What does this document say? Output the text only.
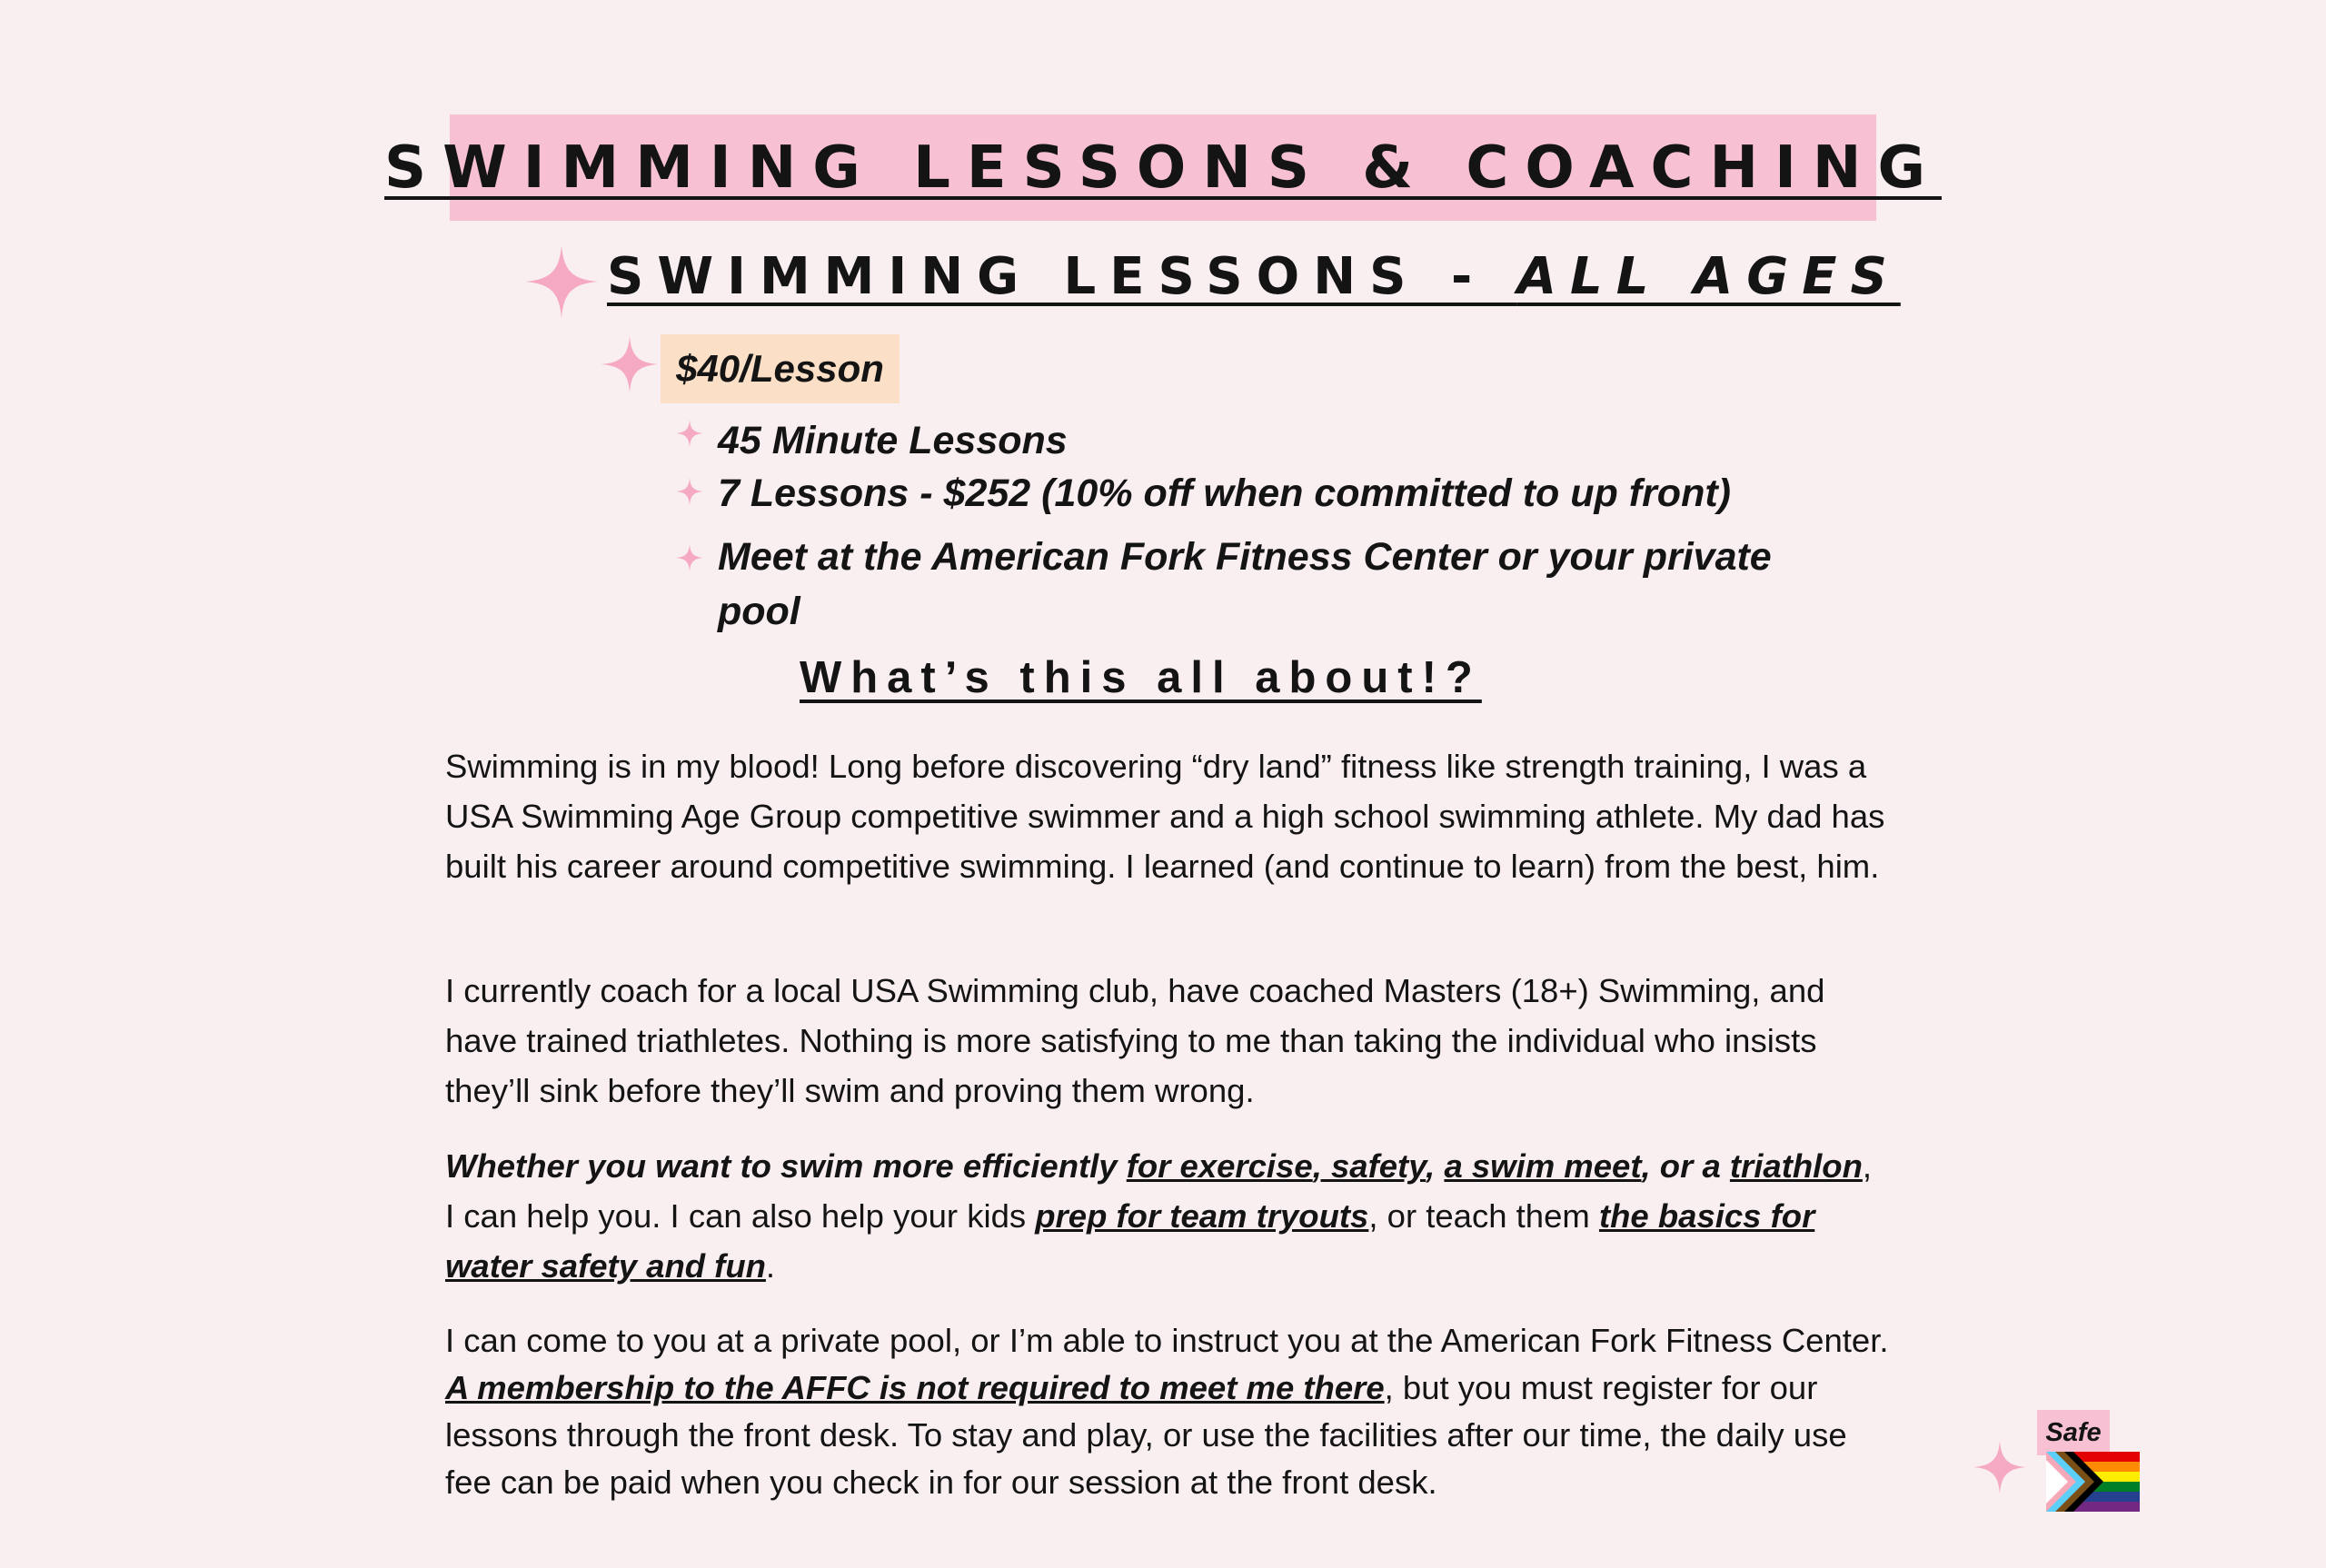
SWIMMING LESSONS & COACHING
SWIMMING LESSONS - ALL AGES
$40/Lesson
45 Minute Lessons
7 Lessons - $252 (10% off when committed to up front)
Meet at the American Fork Fitness Center or your private
pool
What’s this all about!?

Swimming is in my blood! Long before discovering “dry land” fitness like strength training, I was a USA Swimming Age Group competitive swimmer and a high school swimming athlete. My dad has built his career around competitive swimming. I learned (and continue to learn) from the best, him.

I currently coach for a local USA Swimming club, have coached Masters (18+) Swimming, and have trained triathletes. Nothing is more satisfying to me than taking the individual who insists they’ll sink before they’ll swim and proving them wrong.

Whether you want to swim more efficiently for exercise, safety, a swim meet, or a triathlon, I can help you. I can also help your kids prep for team tryouts, or teach them the basics for water safety and fun.

I can come to you at a private pool, or I’m able to instruct you at the American Fork Fitness Center. A membership to the AFFC is not required to meet me there, but you must register for our lessons through the front desk. To stay and play, or use the facilities after our time, the daily use fee can be paid when you check in for our session at the front desk.

Safe
